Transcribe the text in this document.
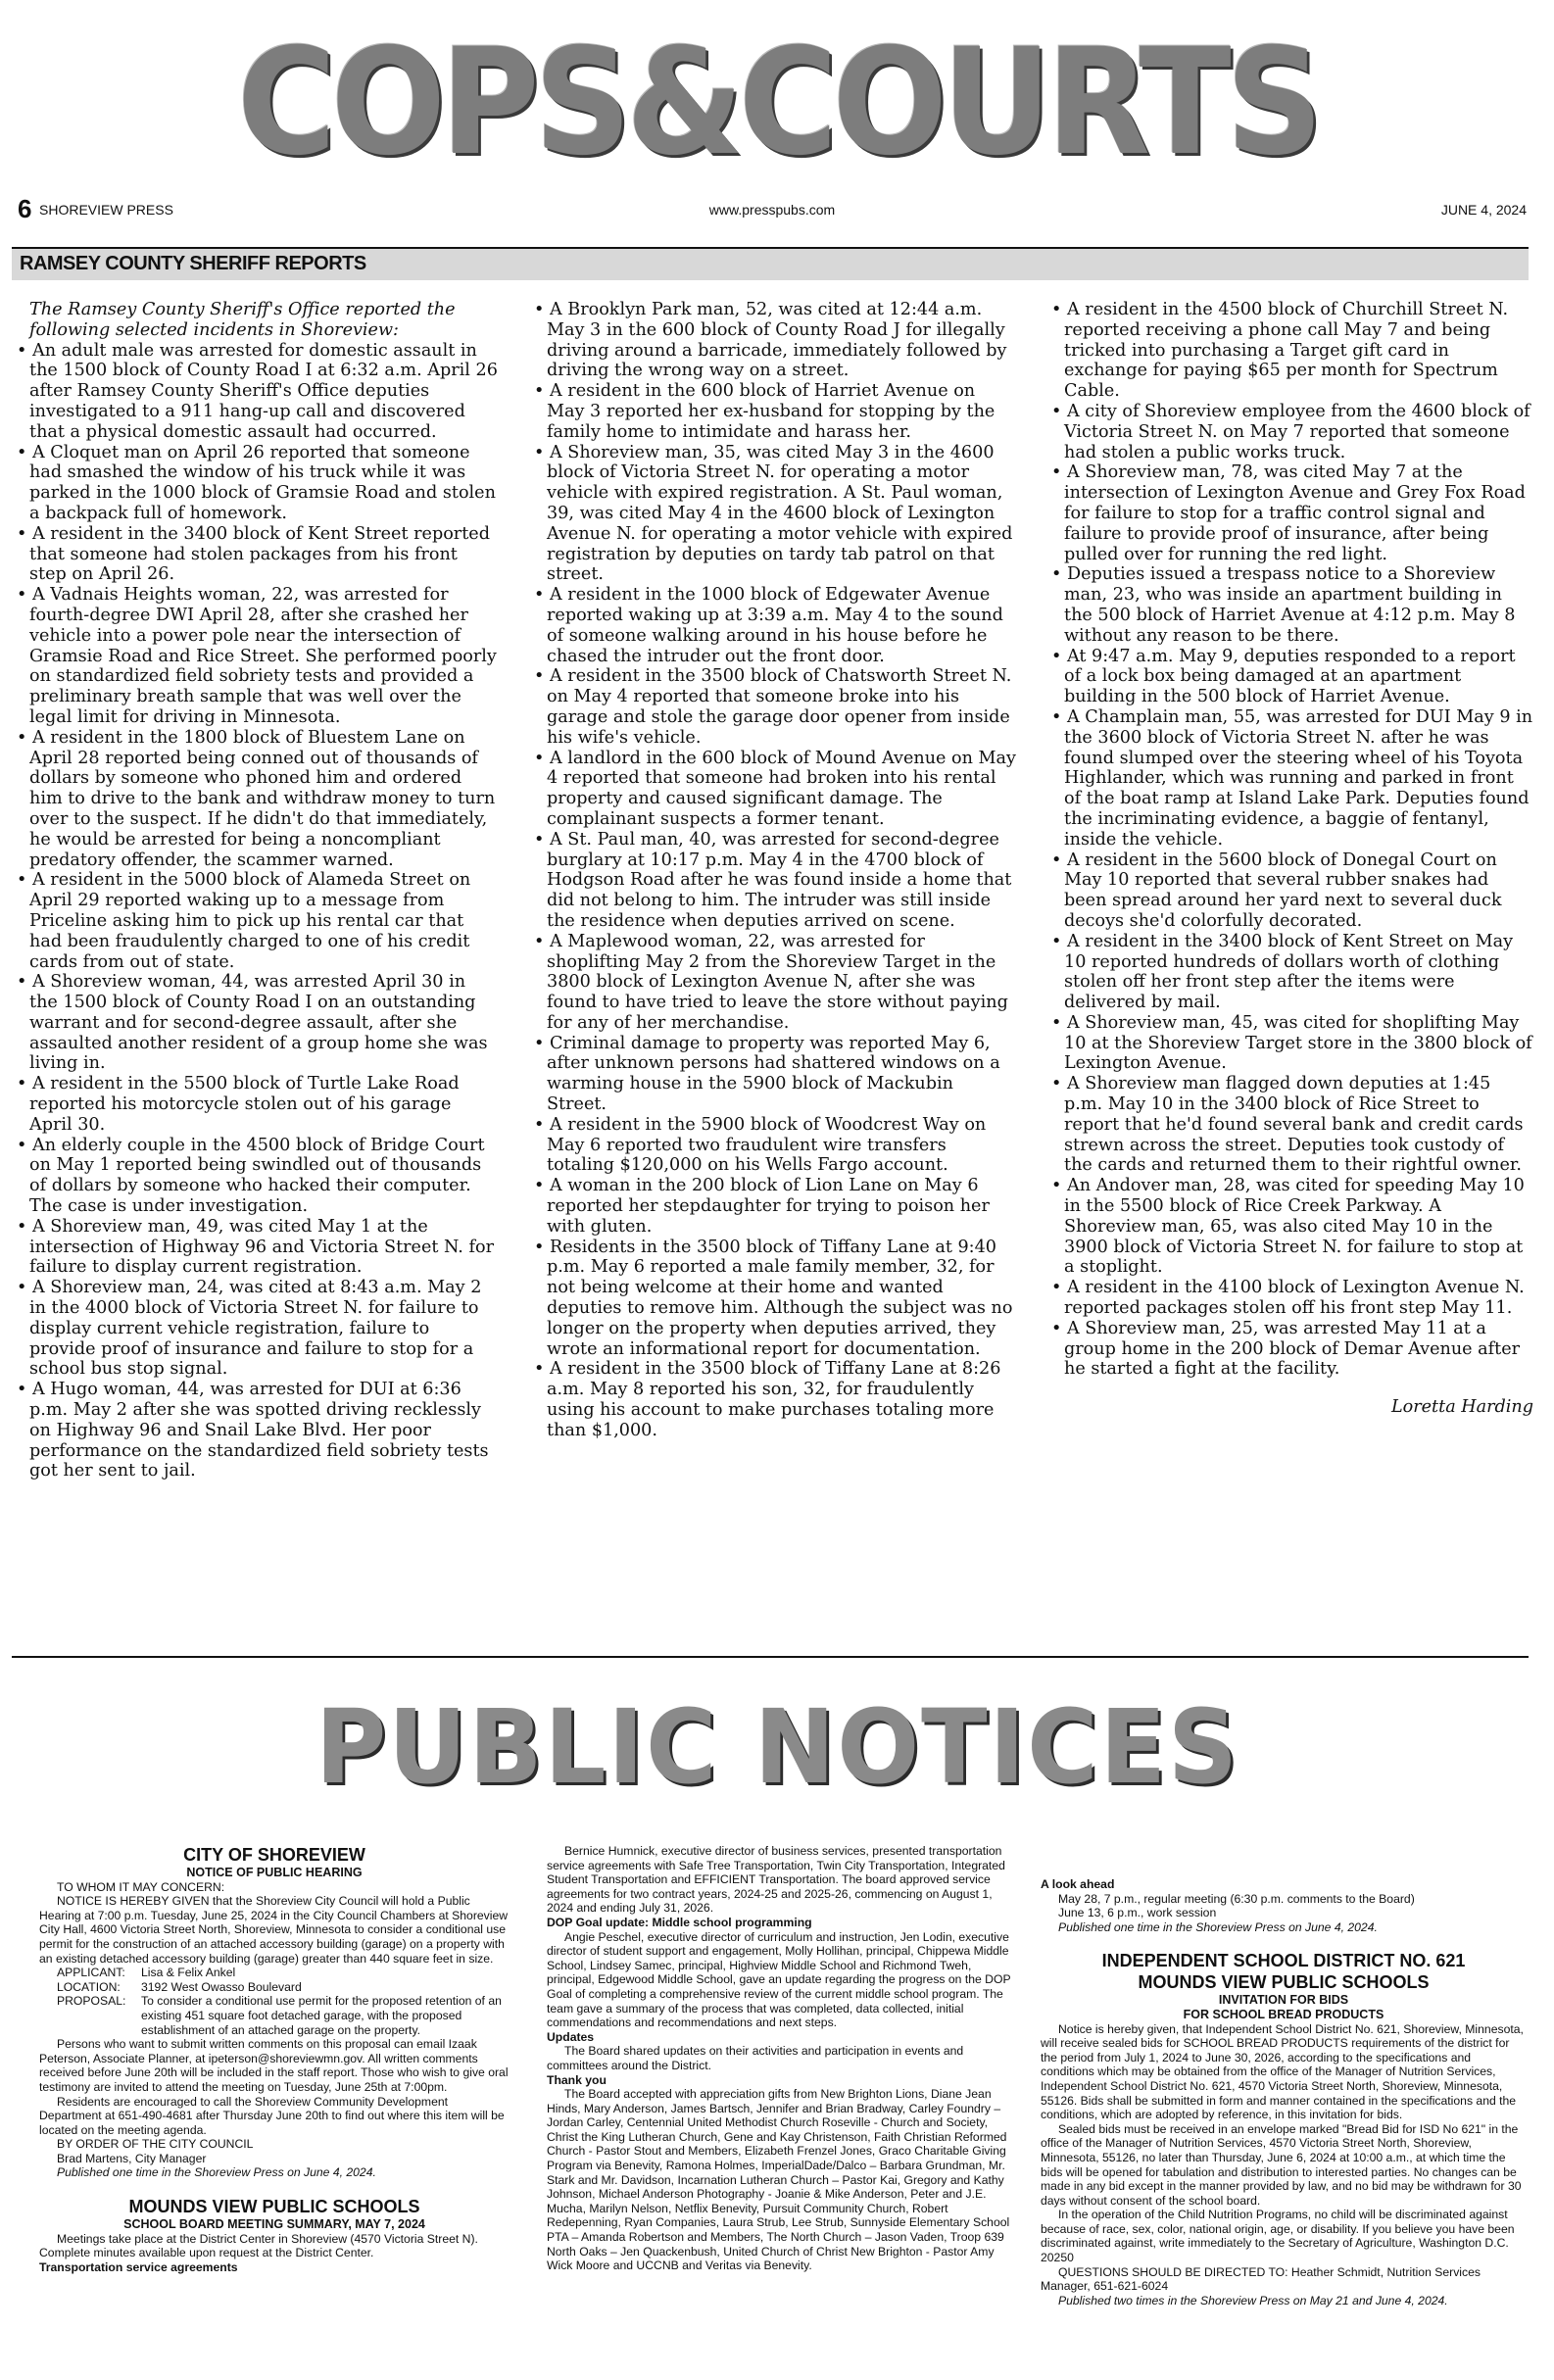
COPS&COURTS
6 SHOREVIEW PRESS	www.presspubs.com	JUNE 4, 2024
RAMSEY COUNTY SHERIFF REPORTS

The Ramsey County Sheriff's Office reported the following selected incidents in Shoreview:

• An adult male was arrested for domestic assault in the 1500 block of County Road I at 6:32 a.m. April 26 after Ramsey County Sheriff's Office deputies investigated to a 911 hang-up call and discovered that a physical domestic assault had occurred.

• A Cloquet man on April 26 reported that someone had smashed the window of his truck while it was parked in the 1000 block of Gramsie Road and stolen a backpack full of homework.

• A resident in the 3400 block of Kent Street reported that someone had stolen packages from his front step on April 26.

• A Vadnais Heights woman, 22, was arrested for fourth-degree DWI April 28, after she crashed her vehicle into a power pole near the intersection of Gramsie Road and Rice Street. She performed poorly on standardized field sobriety tests and provided a preliminary breath sample that was well over the legal limit for driving in Minnesota.

• A resident in the 1800 block of Bluestem Lane on April 28 reported being conned out of thousands of dollars by someone who phoned him and ordered him to drive to the bank and withdraw money to turn over to the suspect. If he didn't do that immediately, he would be arrested for being a noncompliant predatory offender, the scammer warned.

• A resident in the 5000 block of Alameda Street on April 29 reported waking up to a message from Priceline asking him to pick up his rental car that had been fraudulently charged to one of his credit cards from out of state.

• A Shoreview woman, 44, was arrested April 30 in the 1500 block of County Road I on an outstanding warrant and for second-degree assault, after she assaulted another resident of a group home she was living in.

• A resident in the 5500 block of Turtle Lake Road reported his motorcycle stolen out of his garage April 30.

• An elderly couple in the 4500 block of Bridge Court on May 1 reported being swindled out of thousands of dollars by someone who hacked their computer. The case is under investigation.

• A Shoreview man, 49, was cited May 1 at the intersection of Highway 96 and Victoria Street N. for failure to display current registration.

• A Shoreview man, 24, was cited at 8:43 a.m. May 2 in the 4000 block of Victoria Street N. for failure to display current vehicle registration, failure to provide proof of insurance and failure to stop for a school bus stop signal.

• A Hugo woman, 44, was arrested for DUI at 6:36 p.m. May 2 after she was spotted driving recklessly on Highway 96 and Snail Lake Blvd. Her poor performance on the standardized field sobriety tests got her sent to jail.

• A Brooklyn Park man, 52, was cited at 12:44 a.m. May 3 in the 600 block of County Road J for illegally driving around a barricade, immediately followed by driving the wrong way on a street.

• A resident in the 600 block of Harriet Avenue on May 3 reported her ex-husband for stopping by the family home to intimidate and harass her.

• A Shoreview man, 35, was cited May 3 in the 4600 block of Victoria Street N. for operating a motor vehicle with expired registration. A St. Paul woman, 39, was cited May 4 in the 4600 block of Lexington Avenue N. for operating a motor vehicle with expired registration by deputies on tardy tab patrol on that street.

• A resident in the 1000 block of Edgewater Avenue reported waking up at 3:39 a.m. May 4 to the sound of someone walking around in his house before he chased the intruder out the front door.

• A resident in the 3500 block of Chatsworth Street N. on May 4 reported that someone broke into his garage and stole the garage door opener from inside his wife's vehicle.

• A landlord in the 600 block of Mound Avenue on May 4 reported that someone had broken into his rental property and caused significant damage. The complainant suspects a former tenant.

• A St. Paul man, 40, was arrested for second-degree burglary at 10:17 p.m. May 4 in the 4700 block of Hodgson Road after he was found inside a home that did not belong to him. The intruder was still inside the residence when deputies arrived on scene.

• A Maplewood woman, 22, was arrested for shoplifting May 2 from the Shoreview Target in the 3800 block of Lexington Avenue N, after she was found to have tried to leave the store without paying for any of her merchandise.

• Criminal damage to property was reported May 6, after unknown persons had shattered windows on a warming house in the 5900 block of Mackubin Street.

• A resident in the 5900 block of Woodcrest Way on May 6 reported two fraudulent wire transfers totaling $120,000 on his Wells Fargo account.

• A woman in the 200 block of Lion Lane on May 6 reported her stepdaughter for trying to poison her with gluten.

• Residents in the 3500 block of Tiffany Lane at 9:40 p.m. May 6 reported a male family member, 32, for not being welcome at their home and wanted deputies to remove him. Although the subject was no longer on the property when deputies arrived, they wrote an informational report for documentation.

• A resident in the 3500 block of Tiffany Lane at 8:26 a.m. May 8 reported his son, 32, for fraudulently using his account to make purchases totaling more than $1,000.

• A resident in the 4500 block of Churchill Street N. reported receiving a phone call May 7 and being tricked into purchasing a Target gift card in exchange for paying $65 per month for Spectrum Cable.

• A city of Shoreview employee from the 4600 block of Victoria Street N. on May 7 reported that someone had stolen a public works truck.

• A Shoreview man, 78, was cited May 7 at the intersection of Lexington Avenue and Grey Fox Road for failure to stop for a traffic control signal and failure to provide proof of insurance, after being pulled over for running the red light.

• Deputies issued a trespass notice to a Shoreview man, 23, who was inside an apartment building in the 500 block of Harriet Avenue at 4:12 p.m. May 8 without any reason to be there.

• At 9:47 a.m. May 9, deputies responded to a report of a lock box being damaged at an apartment building in the 500 block of Harriet Avenue.

• A Champlain man, 55, was arrested for DUI May 9 in the 3600 block of Victoria Street N. after he was found slumped over the steering wheel of his Toyota Highlander, which was running and parked in front of the boat ramp at Island Lake Park. Deputies found the incriminating evidence, a baggie of fentanyl, inside the vehicle.

• A resident in the 5600 block of Donegal Court on May 10 reported that several rubber snakes had been spread around her yard next to several duck decoys she'd colorfully decorated.

• A resident in the 3400 block of Kent Street on May 10 reported hundreds of dollars worth of clothing stolen off her front step after the items were delivered by mail.

• A Shoreview man, 45, was cited for shoplifting May 10 at the Shoreview Target store in the 3800 block of Lexington Avenue.

• A Shoreview man flagged down deputies at 1:45 p.m. May 10 in the 3400 block of Rice Street to report that he'd found several bank and credit cards strewn across the street. Deputies took custody of the cards and returned them to their rightful owner.

• An Andover man, 28, was cited for speeding May 10 in the 5500 block of Rice Creek Parkway. A Shoreview man, 65, was also cited May 10 in the 3900 block of Victoria Street N. for failure to stop at a stoplight.

• A resident in the 4100 block of Lexington Avenue N. reported packages stolen off his front step May 11.

• A Shoreview man, 25, was arrested May 11 at a group home in the 200 block of Demar Avenue after he started a fight at the facility.

Loretta Harding

PUBLIC NOTICES

CITY OF SHOREVIEW

NOTICE OF PUBLIC HEARING

TO WHOM IT MAY CONCERN:

NOTICE IS HEREBY GIVEN that the Shoreview City Council will hold a Public Hearing at 7:00 p.m. Tuesday, June 25, 2024 in the City Council Chambers at Shoreview City Hall, 4600 Victoria Street North, Shoreview, Minnesota to consider a conditional use permit for the construction of an attached accessory building (garage) on a property with an existing detached accessory building (garage) greater than 440 square feet in size.

APPLICANT:	Lisa & Felix Ankel
LOCATION:	3192 West Owasso Boulevard
PROPOSAL:	To consider a conditional use permit for the proposed retention of an existing 451 square foot detached garage, with the proposed establishment of an attached garage on the property.

Persons who want to submit written comments on this proposal can email Izaak Peterson, Associate Planner, at ipeterson@shoreviewmn.gov. All written comments received before June 20th will be included in the staff report. Those who wish to give oral testimony are invited to attend the meeting on Tuesday, June 25th at 7:00pm.

Residents are encouraged to call the Shoreview Community Development Department at 651-490-4681 after Thursday June 20th to find out where this item will be located on the meeting agenda.

BY ORDER OF THE CITY COUNCIL

Brad Martens, City Manager

Published one time in the Shoreview Press on June 4, 2024.

MOUNDS VIEW PUBLIC SCHOOLS

SCHOOL BOARD MEETING SUMMARY, MAY 7, 2024

Meetings take place at the District Center in Shoreview (4570 Victoria Street N). Complete minutes available upon request at the District Center.

Transportation service agreements

Bernice Humnick, executive director of business services, presented transportation service agreements with Safe Tree Transportation, Twin City Transportation, Integrated Student Transportation and EFFICIENT Transportation. The board approved service agreements for two contract years, 2024-25 and 2025-26, commencing on August 1, 2024 and ending July 31, 2026.

DOP Goal update: Middle school programming

Angie Peschel, executive director of curriculum and instruction, Jen Lodin, executive director of student support and engagement, Molly Hollihan, principal, Chippewa Middle School, Lindsey Samec, principal, Highview Middle School and Richmond Tweh, principal, Edgewood Middle School, gave an update regarding the progress on the DOP Goal of completing a comprehensive review of the current middle school program. The team gave a summary of the process that was completed, data collected, initial commendations and recommendations and next steps.

Updates

The Board shared updates on their activities and participation in events and committees around the District.

Thank you

The Board accepted with appreciation gifts from New Brighton Lions, Diane Jean Hinds, Mary Anderson, James Bartsch, Jennifer and Brian Bradway, Carley Foundry – Jordan Carley, Centennial United Methodist Church Roseville - Church and Society, Christ the King Lutheran Church, Gene and Kay Christenson, Faith Christian Reformed Church - Pastor Stout and Members, Elizabeth Frenzel Jones, Graco Charitable Giving Program via Benevity, Ramona Holmes, ImperialDade/Dalco – Barbara Grundman, Mr. Stark and Mr. Davidson, Incarnation Lutheran Church – Pastor Kai, Gregory and Kathy Johnson, Michael Anderson Photography - Joanie & Mike Anderson, Peter and J.E. Mucha, Marilyn Nelson, Netflix Benevity, Pursuit Community Church, Robert Redepenning, Ryan Companies, Laura Strub, Lee Strub, Sunnyside Elementary School PTA – Amanda Robertson and Members, The North Church – Jason Vaden, Troop 639 North Oaks – Jen Quackenbush, United Church of Christ New Brighton - Pastor Amy Wick Moore and UCCNB and Veritas via Benevity.

A look ahead

May 28, 7 p.m., regular meeting (6:30 p.m. comments to the Board)

June 13, 6 p.m., work session

Published one time in the Shoreview Press on June 4, 2024.

INDEPENDENT SCHOOL DISTRICT NO. 621

MOUNDS VIEW PUBLIC SCHOOLS

INVITATION FOR BIDS

FOR SCHOOL BREAD PRODUCTS

Notice is hereby given, that Independent School District No. 621, Shoreview, Minnesota, will receive sealed bids for SCHOOL BREAD PRODUCTS requirements of the district for the period from July 1, 2024 to June 30, 2026, according to the specifications and conditions which may be obtained from the office of the Manager of Nutrition Services, Independent School District No. 621, 4570 Victoria Street North, Shoreview, Minnesota, 55126. Bids shall be submitted in form and manner contained in the specifications and the conditions, which are adopted by reference, in this invitation for bids.

Sealed bids must be received in an envelope marked "Bread Bid for ISD No 621" in the office of the Manager of Nutrition Services, 4570 Victoria Street North, Shoreview, Minnesota, 55126, no later than Thursday, June 6, 2024 at 10:00 a.m., at which time the bids will be opened for tabulation and distribution to interested parties. No changes can be made in any bid except in the manner provided by law, and no bid may be withdrawn for 30 days without consent of the school board.

In the operation of the Child Nutrition Programs, no child will be discriminated against because of race, sex, color, national origin, age, or disability. If you believe you have been discriminated against, write immediately to the Secretary of Agriculture, Washington D.C. 20250

QUESTIONS SHOULD BE DIRECTED TO: Heather Schmidt, Nutrition Services Manager, 651-621-6024

Published two times in the Shoreview Press on May 21 and June 4, 2024.
